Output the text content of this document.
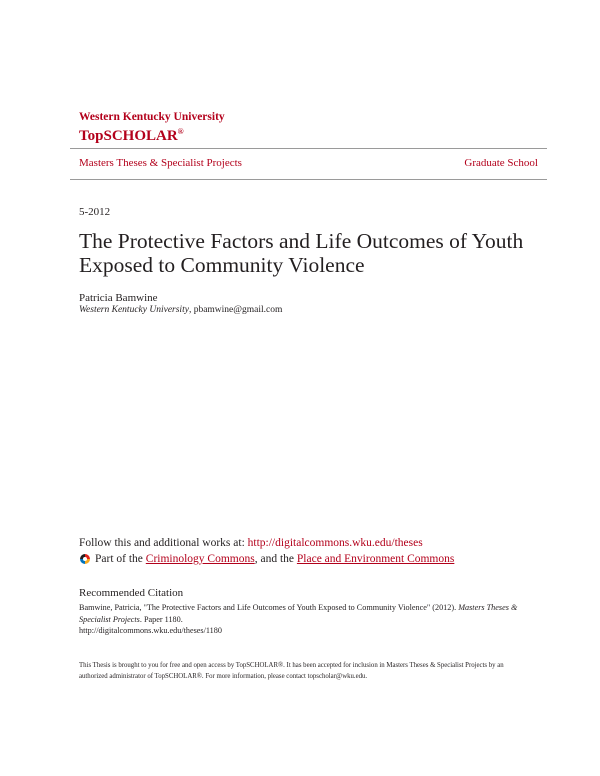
Western Kentucky University
TopSCHOLAR®
Masters Theses & Specialist Projects	Graduate School
5-2012
The Protective Factors and Life Outcomes of Youth
Exposed to Community Violence
Patricia Bamwine
Western Kentucky University, pbamwine@gmail.com
Follow this and additional works at: http://digitalcommons.wku.edu/theses
Part of the
Criminology Commons , and the
Place and Environment Commons
Recommended Citation
Bamwine, Patricia, "The Protective Factors and Life Outcomes of Youth Exposed to Community Violence" (2012). Masters Theses & Specialist Projects. Paper 1180.
http://digitalcommons.wku.edu/theses/1180
This Thesis is brought to you for free and open access by TopSCHOLAR®. It has been accepted for inclusion in Masters Theses & Specialist Projects by an authorized administrator of TopSCHOLAR®. For more information, please contact topscholar@wku.edu.
